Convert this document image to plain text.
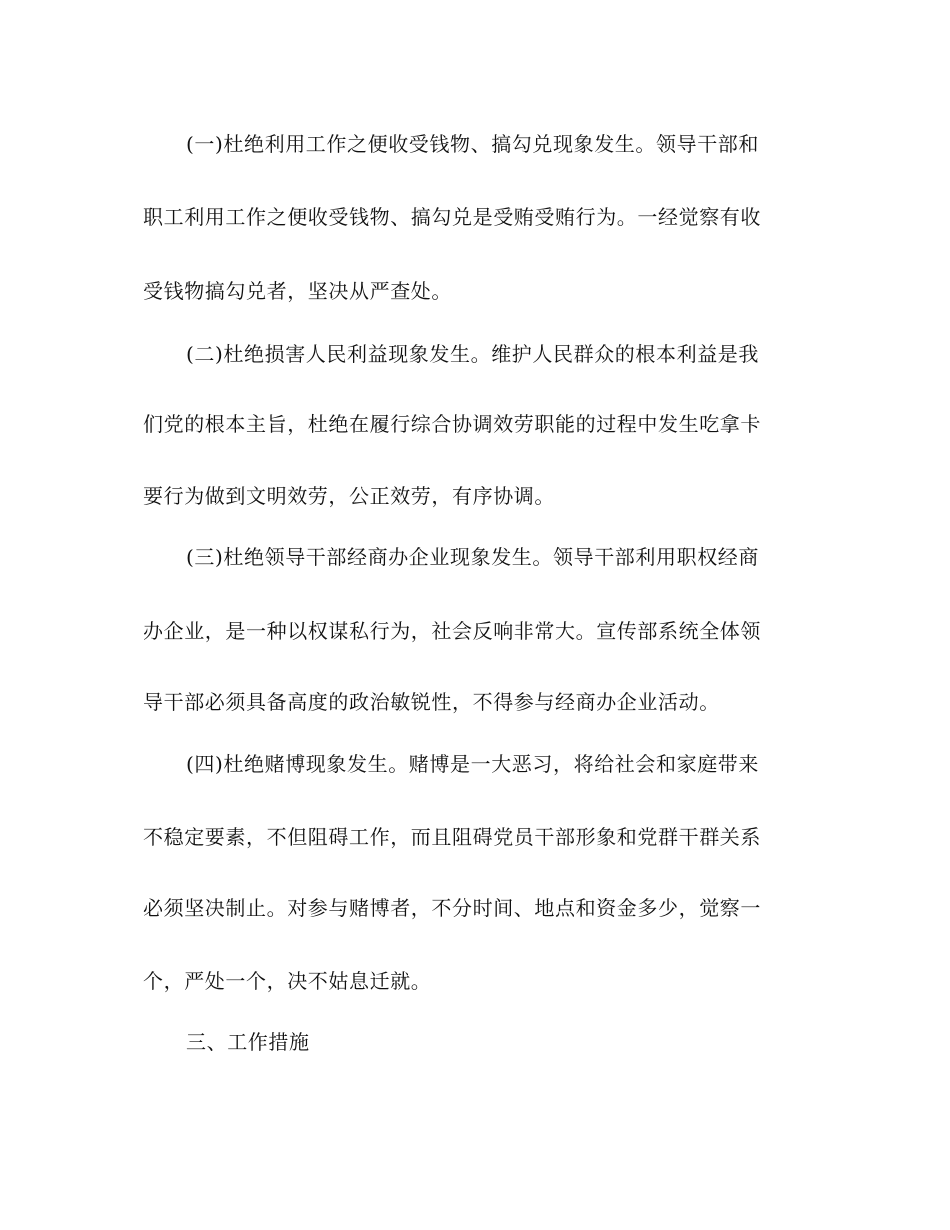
(一)杜绝利用工作之便收受钱物、搞勾兑现象发生。领导干部和
职工利用工作之便收受钱物、搞勾兑是受贿受贿行为。一经觉察有收
受钱物搞勾兑者，坚决从严查处。
(二)杜绝损害人民利益现象发生。维护人民群众的根本利益是我
们党的根本主旨，杜绝在履行综合协调效劳职能的过程中发生吃拿卡
要行为做到文明效劳，公正效劳，有序协调。
(三)杜绝领导干部经商办企业现象发生。领导干部利用职权经商
办企业，是一种以权谋私行为，社会反响非常大。宣传部系统全体领
导干部必须具备高度的政治敏锐性，不得参与经商办企业活动。
(四)杜绝赌博现象发生。赌博是一大恶习，将给社会和家庭带来
不稳定要素，不但阻碍工作，而且阻碍党员干部形象和党群干群关系
必须坚决制止。对参与赌博者，不分时间、地点和资金多少，觉察一
个，严处一个，决不姑息迁就。
三、工作措施
